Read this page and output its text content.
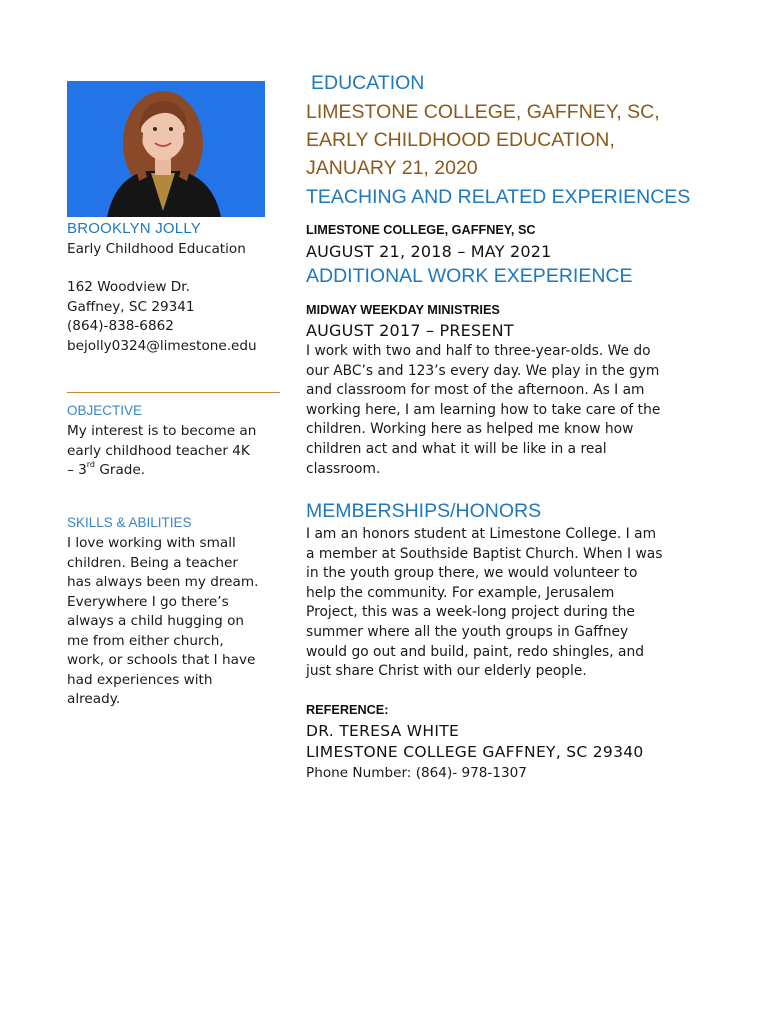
BROOKLYN JOLLY
Early Childhood Education
162 Woodview Dr.
Gaffney, SC 29341
(864)-838-6862
bejolly0324@limestone.edu
OBJECTIVE
My interest is to become an
early childhood teacher 4K
– 3rd Grade.
SKILLS & ABILITIES
I love working with small
children. Being a teacher
has always been my dream.
Everywhere I go there’s
always a child hugging on
me from either church,
work, or schools that I have
had experiences with
already.
EDUCATION
LIMESTONE COLLEGE, GAFFNEY, SC,
EARLY CHILDHOOD EDUCATION,
JANUARY 21, 2020
TEACHING AND RELATED EXPERIENCES
LIMESTONE COLLEGE, GAFFNEY, SC
AUGUST 21, 2018 – MAY 2021
ADDITIONAL WORK EXEPERIENCE
MIDWAY WEEKDAY MINISTRIES
AUGUST 2017 – PRESENT
I work with two and half to three-year-olds. We do
our ABC’s and 123’s every day. We play in the gym
and classroom for most of the afternoon. As I am
working here, I am learning how to take care of the
children. Working here as helped me know how
children act and what it will be like in a real
classroom.
MEMBERSHIPS/HONORS
I am an honors student at Limestone College. I am
a member at Southside Baptist Church. When I was
in the youth group there, we would volunteer to
help the community. For example, Jerusalem
Project, this was a week-long project during the
summer where all the youth groups in Gaffney
would go out and build, paint, redo shingles, and
just share Christ with our elderly people.
REFERENCE:
DR. TERESA WHITE
LIMESTONE COLLEGE GAFFNEY, SC 29340
Phone Number: (864)- 978-1307
